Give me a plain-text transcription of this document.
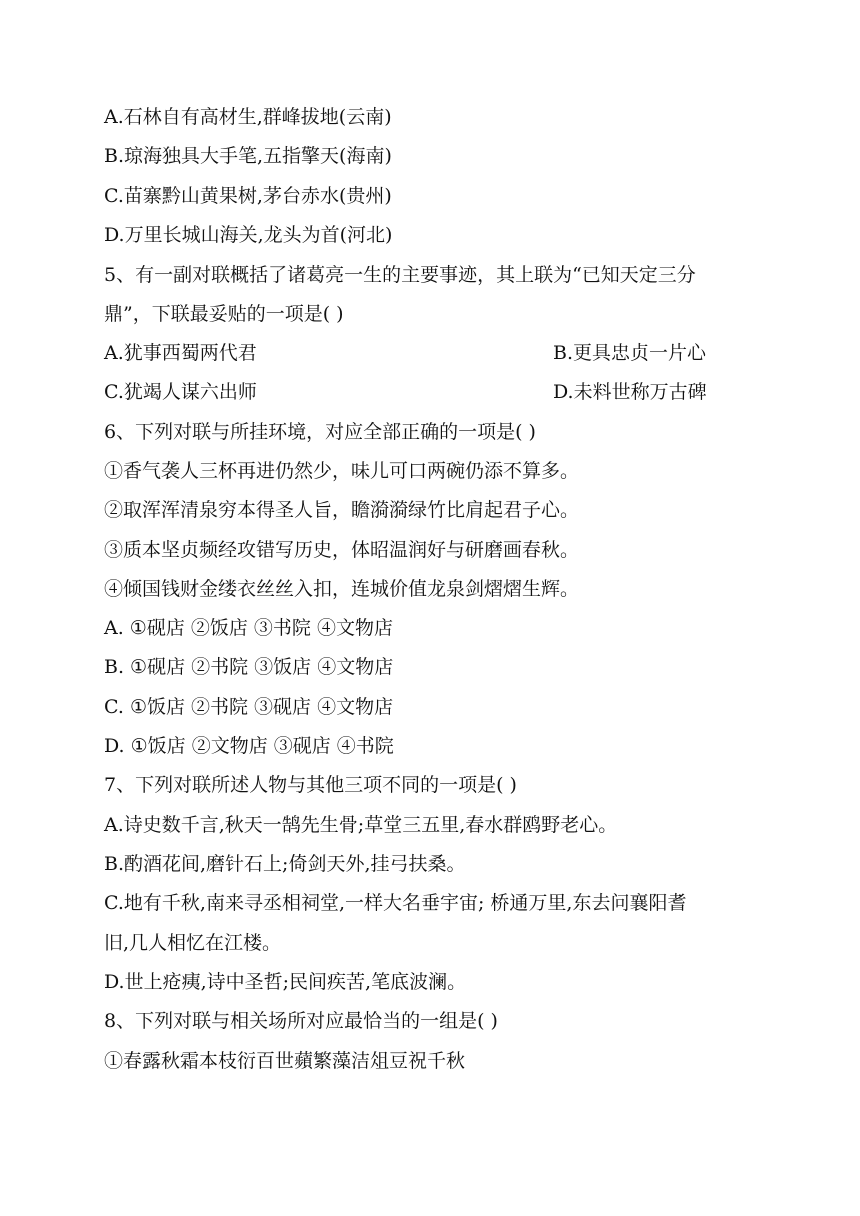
A.石林自有高材生,群峰拔地(云南)
B.琼海独具大手笔,五指擎天(海南)
C.苗寨黔山黄果树,茅台赤水(贵州)
D.万里长城山海关,龙头为首(河北)
5、有一副对联概括了诸葛亮一生的主要事迹，其上联为“已知天定三分
鼎”，下联最妥贴的一项是( )
A.犹事西蜀两代君	B.更具忠贞一片心
C.犹竭人谋六出师	D.未料世称万古碑
6、下列对联与所挂环境，对应全部正确的一项是( )
①香气袭人三杯再进仍然少，味儿可口两碗仍添不算多。
②取浑浑清泉穷本得圣人旨，瞻漪漪绿竹比肩起君子心。
③质本坚贞频经攻错写历史，体昭温润好与研磨画春秋。
④倾国钱财金缕衣丝丝入扣，连城价值龙泉剑熠熠生辉。
A. ①砚店 ②饭店 ③书院 ④文物店
B. ①砚店 ②书院 ③饭店 ④文物店
C. ①饭店 ②书院 ③砚店 ④文物店
D. ①饭店 ②文物店 ③砚店 ④书院
7、下列对联所述人物与其他三项不同的一项是( )
A.诗史数千言,秋天一鹄先生骨;草堂三五里,春水群鸥野老心。
B.酌酒花间,磨针石上;倚剑天外,挂弓扶桑。
C.地有千秋,南来寻丞相祠堂,一样大名垂宇宙; 桥通万里,东去问襄阳耆
旧,几人相忆在江楼。
D.世上疮痍,诗中圣哲;民间疾苦,笔底波澜。
8、下列对联与相关场所对应最恰当的一组是( )
①春露秋霜本枝衍百世蘋繁藻洁俎豆祝千秋
